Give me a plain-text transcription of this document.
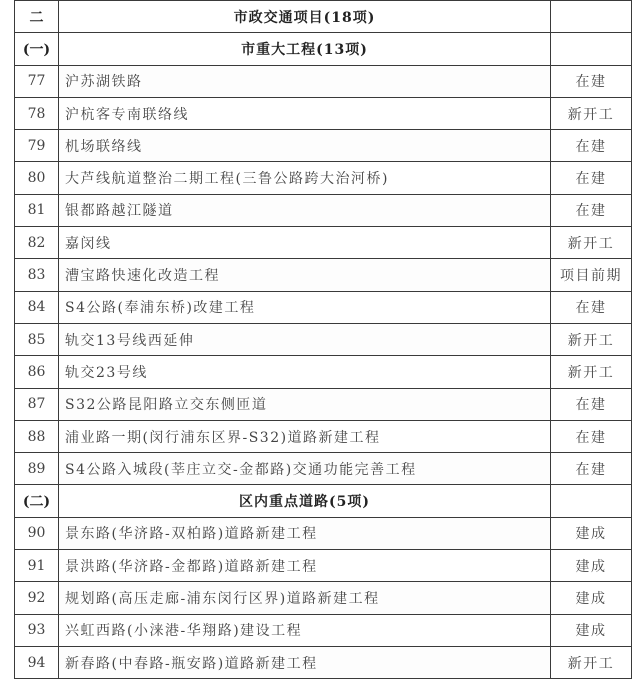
二	市政交通项目(18项)	
(一)	市重大工程(13项)	
77	沪苏湖铁路	在建
78	沪杭客专南联络线	新开工
79	机场联络线	在建
80	大芦线航道整治二期工程(三鲁公路跨大治河桥)	在建
81	银都路越江隧道	在建
82	嘉闵线	新开工
83	漕宝路快速化改造工程	项目前期
84	S4公路(奉浦东桥)改建工程	在建
85	轨交13号线西延伸	新开工
86	轨交23号线	新开工
87	S32公路昆阳路立交东侧匝道	在建
88	浦业路一期(闵行浦东区界-S32)道路新建工程	在建
89	S4公路入城段(莘庄立交-金都路)交通功能完善工程	在建
(二)	区内重点道路(5项)	
90	景东路(华济路-双柏路)道路新建工程	建成
91	景洪路(华济路-金都路)道路新建工程	建成
92	规划路(高压走廊-浦东闵行区界)道路新建工程	建成
93	兴虹西路(小涞港-华翔路)建设工程	建成
94	新春路(中春路-瓶安路)道路新建工程	新开工
